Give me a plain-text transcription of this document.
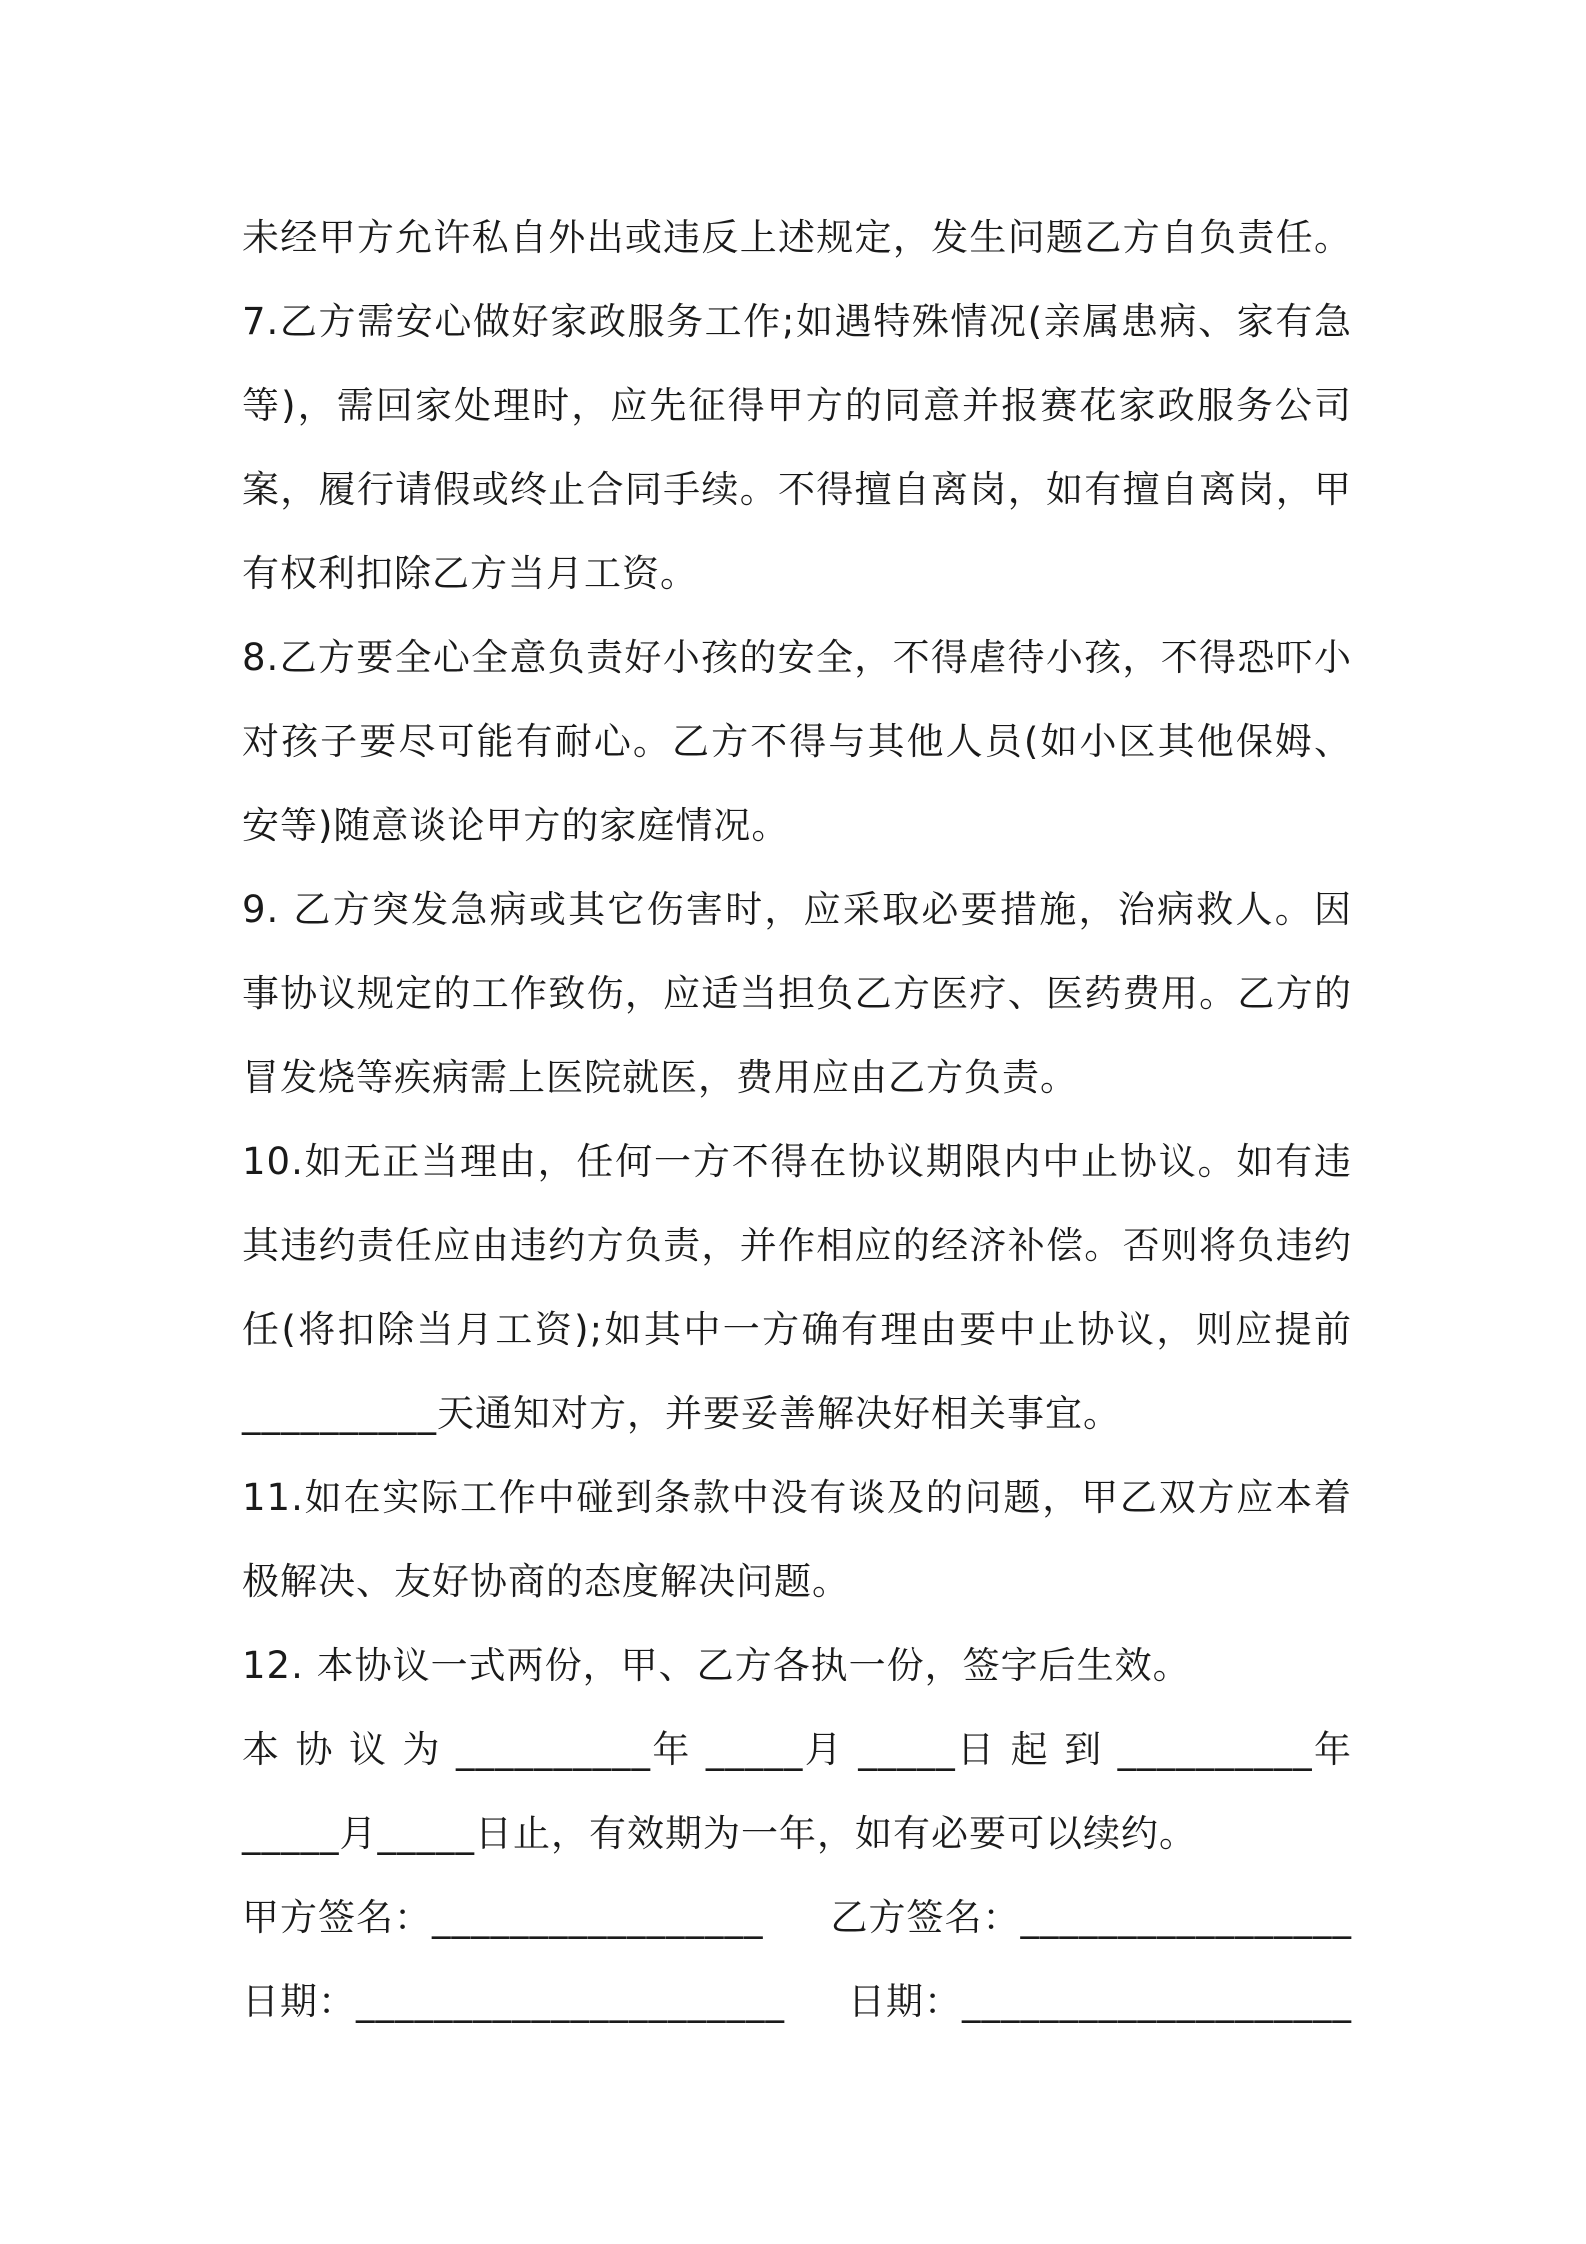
未经甲方允许私自外出或违反上述规定，发生问题乙方自负责任。
7.乙方需安心做好家政服务工作;如遇特殊情况(亲属患病、家有急
等)，需回家处理时，应先征得甲方的同意并报赛花家政服务公司
案，履行请假或终止合同手续。不得擅自离岗，如有擅自离岗，甲
有权利扣除乙方当月工资。
8.乙方要全心全意负责好小孩的安全，不得虐待小孩，不得恐吓小
对孩子要尽可能有耐心。乙方不得与其他人员(如小区其他保姆、
安等)随意谈论甲方的家庭情况。
9. 乙方突发急病或其它伤害时，应采取必要措施，治病救人。因
事协议规定的工作致伤，应适当担负乙方医疗、医药费用。乙方的
冒发烧等疾病需上医院就医，费用应由乙方负责。
10.如无正当理由，任何一方不得在协议期限内中止协议。如有违
其违约责任应由违约方负责，并作相应的经济补偿。否则将负违约
任(将扣除当月工资);如其中一方确有理由要中止协议，则应提前
__________天通知对方，并要妥善解决好相关事宜。
11.如在实际工作中碰到条款中没有谈及的问题，甲乙双方应本着
极解决、友好协商的态度解决问题。
12. 本协议一式两份，甲、乙方各执一份，签字后生效。
本 协 议 为 __________年 _____月 _____日 起 到 __________年
_____月_____日止，有效期为一年，如有必要可以续约。
甲方签名：_________________ 乙方签名：_________________
日期：______________________ 日期：____________________
